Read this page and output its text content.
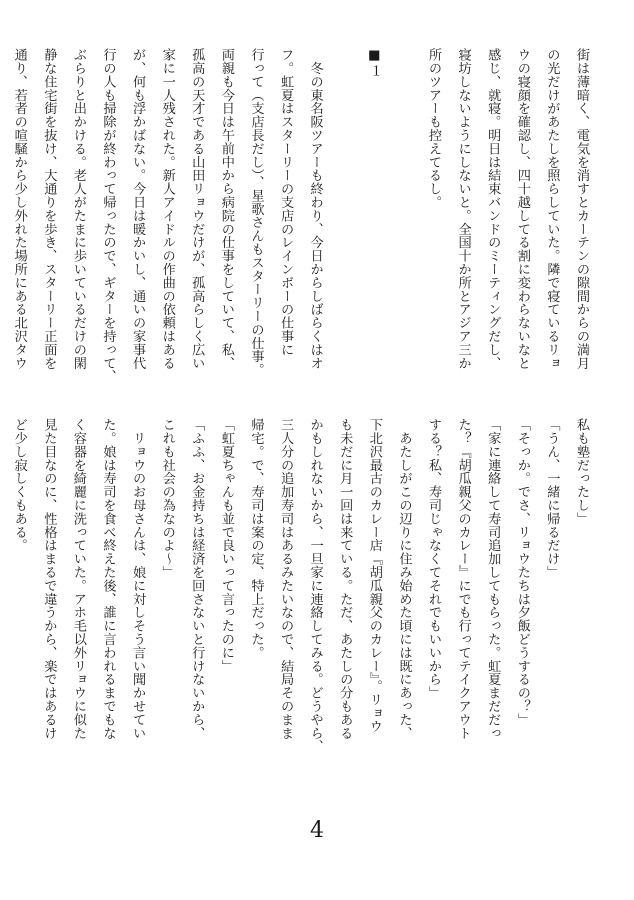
街は薄暗く、電気を消すとカーテンの隙間からの満月
の光だけがあたしを照らしていた。隣で寝ているリョ
ウの寝顔を確認し、四十越してる割に変わらないなと
感じ、就寝。明日は結束バンドのミーティングだし、
寝坊しないようにしないと。全国十か所とアジア三か
所のツアーも控えてるし。

■１

　冬の東名阪ツアーも終わり、今日からしばらくはオ
フ。虹夏はスターリーの支店のレインボーの仕事に
行って（支店長だし）、星歌さんもスターリーの仕事。
両親も今日は午前中から病院の仕事をしていて、私、
孤高の天才である山田リョウだけが、孤高らしく広い
家に一人残された。新人アイドルの作曲の依頼はある
が、何も浮かばない。今日は暖かいし、通いの家事代
行の人も掃除が終わって帰ったので、ギターを持って、
ぶらりと出かける。老人がたまに歩いているだけの閑
静な住宅街を抜け、大通りを歩き、スターリー正面を
通り、若者の喧騒から少し外れた場所にある北沢タウ
私も塾だったし」
「うん、一緒に帰るだけ」
「そっか。でさ、リョウたちは夕飯どうするの？」
「家に連絡して寿司追加してもらった。虹夏まだだっ
た？『胡瓜親父のカレー』にでも行ってテイクアウト
する？私、寿司じゃなくてそれでもいいから」
　あたしがこの辺りに住み始めた頃には既にあった、
下北沢最古のカレー店『胡瓜親父のカレー』。リョウ
も未だに月一回は来ている。ただ、あたしの分もある
かもしれないから、一旦家に連絡してみる。どうやら、
三人分の追加寿司はあるみたいなので、結局そのまま
帰宅。で、寿司は案の定、特上だった。
「虹夏ちゃんも並で良いって言ったのに」
「ふふ、お金持ちは経済を回さないと行けないから、
これも社会の為なのよ～」
　リョウのお母さんは、娘に対しそう言い聞かせてい
た。娘は寿司を食べ終えた後、誰に言われるまでもな
く容器を綺麗に洗っていた。アホ毛以外リョウに似た
見た目なのに、性格はまるで違うから、楽ではあるけ
ど少し寂しくもある。

4
